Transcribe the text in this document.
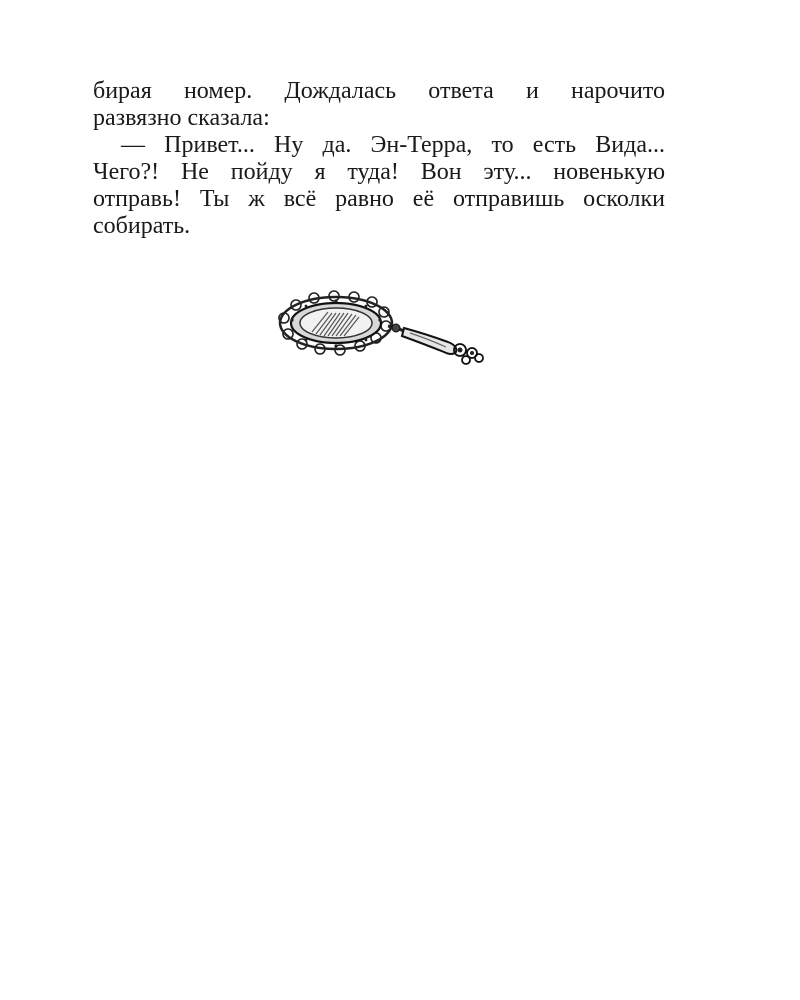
бирая номер. Дождалась ответа и нарочито
развязно сказала:
— Привет... Ну да. Эн-Терра, то есть Вида...
Чего?! Не пойду я туда! Вон эту... новенькую
отправь! Ты ж всё равно её отправишь осколки
собирать.
